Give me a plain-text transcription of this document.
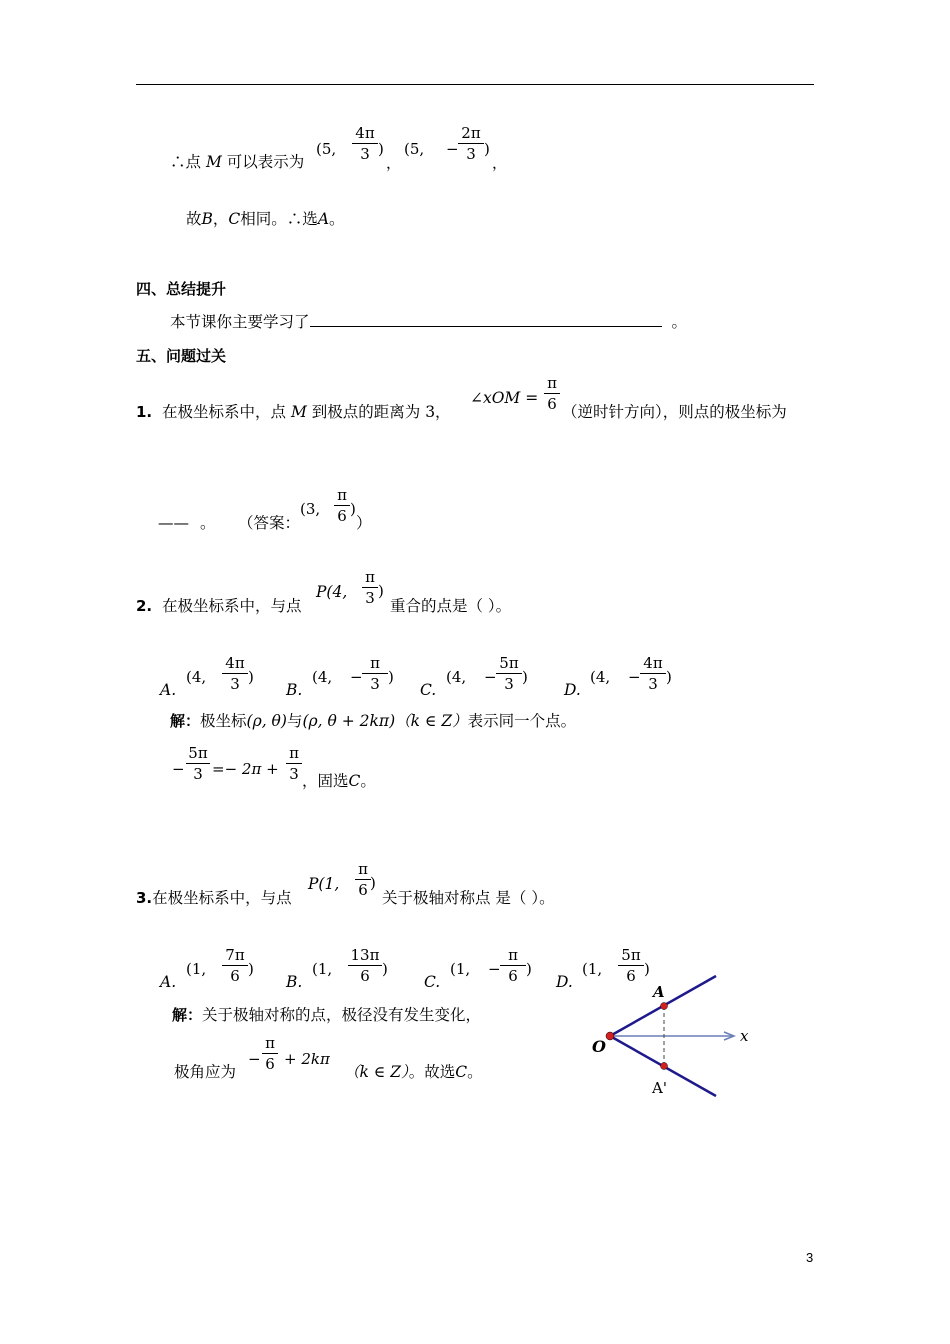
∴点 M 可以表示为
(5,
4π
3 )
，
(5, −
2π
3 )
，
故B，C相同。∴选A。
四、总结提升
本节课你主要学习了	。
五、问题过关
1. 在极坐标系中，点 M 到极点的距离为 3，
∠xOM =
π
6 （逆时针方向），则点的极坐标为
—— 。 （答案：
(3,
π
6 )
）
2. 在极坐标系中，与点
P(4,
π
3 )
重合的点是（ ）。
A.
(4,
4π
3 )
B.
(4, −
π
3 )
C.
(4, −
5π
3 )
D.
(4, −
4π
3 )
解：极坐标(ρ, θ)与(ρ, θ + 2kπ)（k ∈ Z）表示同一个点。
−
5π
3 =− 2π +
π
3 ，固选C。
3.在极坐标系中，与点
P(1,
π
6 )
关于极轴对称点 是（ ）。
A.
(1,
7π
6 )
B.
(1,
13π
6 )
C.
(1, −
π
6 )
D.
(1,
5π
6 )
解：关于极轴对称的点，极径没有发生变化，
极角应为
−
π
6 + 2kπ
（k ∈ Z）。故选C。
A
A'
O
x
3
